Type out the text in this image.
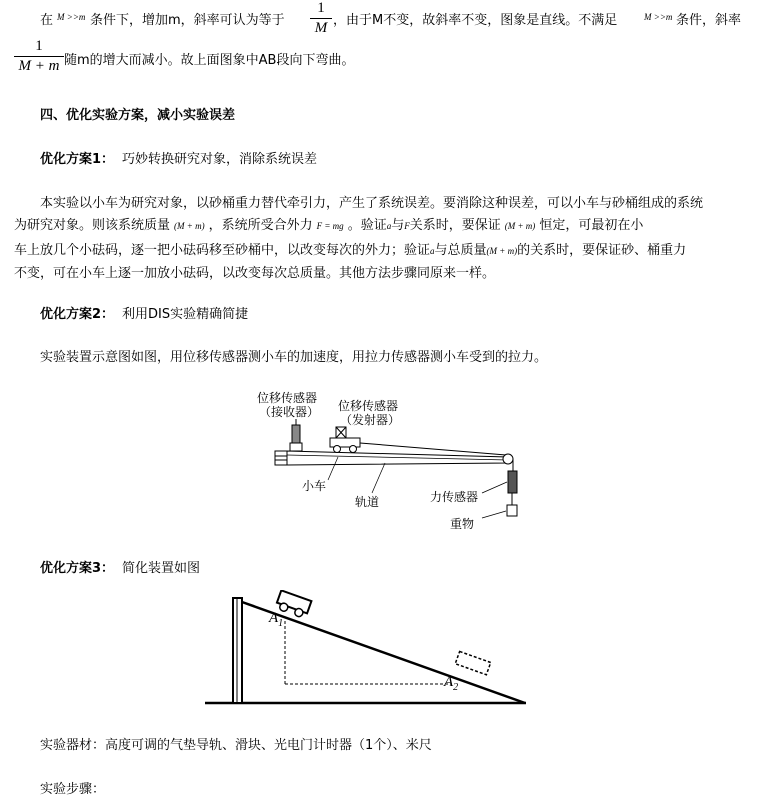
在 M >>m 条件下，增加m，斜率可认为等于
1
M ，由于M不变，故斜率不变，图象是直线。不满足	M >>m 条件，斜率
1
M + m 随m的增大而减小。故上面图象中AB段向下弯曲。
四、优化实验方案，减小实验误差
优化方案1： 巧妙转换研究对象，消除系统误差
本实验以小车为研究对象，以砂桶重力替代牵引力，产生了系统误差。要消除这种误差，可以小车与砂桶组成的系统
为研究对象。则该系统质量 (M + m) ，系统所受合外力 F = mg 。验证a与F关系时，要保证 (M + m) 恒定，可最初在小
车上放几个小砝码，逐一把小砝码移至砂桶中，以改变每次的外力；验证a与总质量(M + m)的关系时，要保证砂、桶重力
不变，可在小车上逐一加放小砝码，以改变每次总质量。其他方法步骤同原来一样。
优化方案2： 利用DIS实验精确简捷
实验装置示意图如图，用位移传感器测小车的加速度，用拉力传感器测小车受到的拉力。
位移传感器
（接收器） 位移传感器
（发射器）
小车
轨道	力传感器
重物
优化方案3： 简化装置如图
$A_1$
$A_2$
实验器材：高度可调的气垫导轨、滑块、光电门计时器（1个）、米尺
实验步骤：
